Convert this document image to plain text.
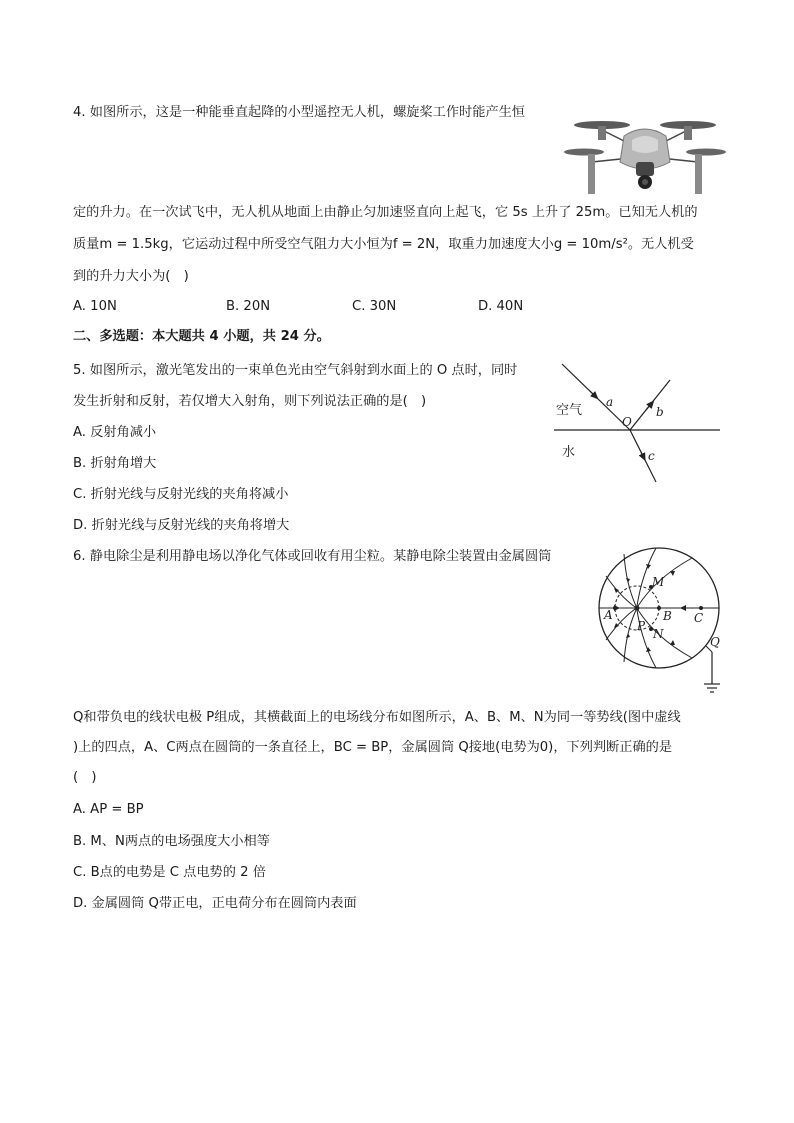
4. 如图所示，这是一种能垂直起降的小型遥控无人机，螺旋桨工作时能产生恒
定的升力。在一次试飞中，无人机从地面上由静止匀加速竖直向上起飞，它 5s 上升了 25m。已知无人机的
质量m = 1.5kg，它运动过程中所受空气阻力大小恒为f = 2N，取重力加速度大小g = 10m/s²。无人机受
到的升力大小为(　)
A. 10N	B. 20N	C. 30N	D. 40N
二、多选题：本大题共 4 小题，共 24 分。
5. 如图所示，激光笔发出的一束单色光由空气斜射到水面上的 O 点时，同时
发生折射和反射，若仅增大入射角，则下列说法正确的是(　)
空气
水
a
O
b
c
A. 反射角减小
B. 折射角增大
C. 折射光线与反射光线的夹角将减小
D. 折射光线与反射光线的夹角将增大
6. 静电除尘是利用静电场以净化气体或回收有用尘粒。某静电除尘装置由金属圆筒
M
N
P
B C
A
Q
Q和带负电的线状电极 P组成，其横截面上的电场线分布如图所示，A、B、M、N为同一等势线(图中虚线
)上的四点，A、C两点在圆筒的一条直径上，BC = BP，金属圆筒 Q接地(电势为0)，下列判断正确的是
(　)
A. AP = BP
B. M、N两点的电场强度大小相等
C. B点的电势是 C 点电势的 2 倍
D. 金属圆筒 Q带正电，正电荷分布在圆筒内表面
